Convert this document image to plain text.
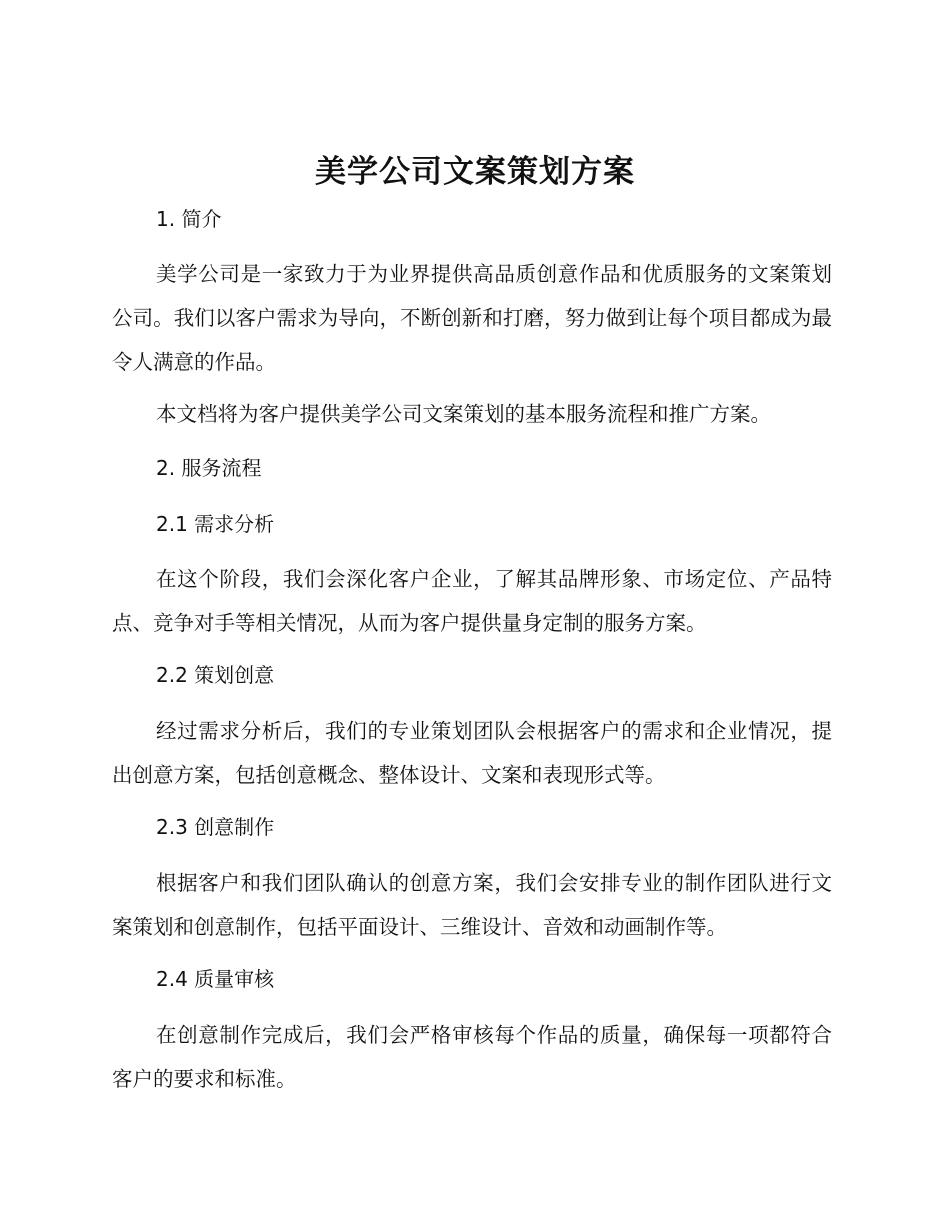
美学公司文案策划方案
1. 简介

美学公司是一家致力于为业界提供高品质创意作品和优质服务的文案策划公司。我们以客户需求为导向，不断创新和打磨，努力做到让每个项目都成为最令人满意的作品。

本文档将为客户提供美学公司文案策划的基本服务流程和推广方案。

2. 服务流程
2.1 需求分析

在这个阶段，我们会深化客户企业，了解其品牌形象、市场定位、产品特点、竞争对手等相关情况，从而为客户提供量身定制的服务方案。

2.2 策划创意

经过需求分析后，我们的专业策划团队会根据客户的需求和企业情况，提出创意方案，包括创意概念、整体设计、文案和表现形式等。

2.3 创意制作

根据客户和我们团队确认的创意方案，我们会安排专业的制作团队进行文案策划和创意制作，包括平面设计、三维设计、音效和动画制作等。

2.4 质量审核

在创意制作完成后，我们会严格审核每个作品的质量，确保每一项都符合客户的要求和标准。
